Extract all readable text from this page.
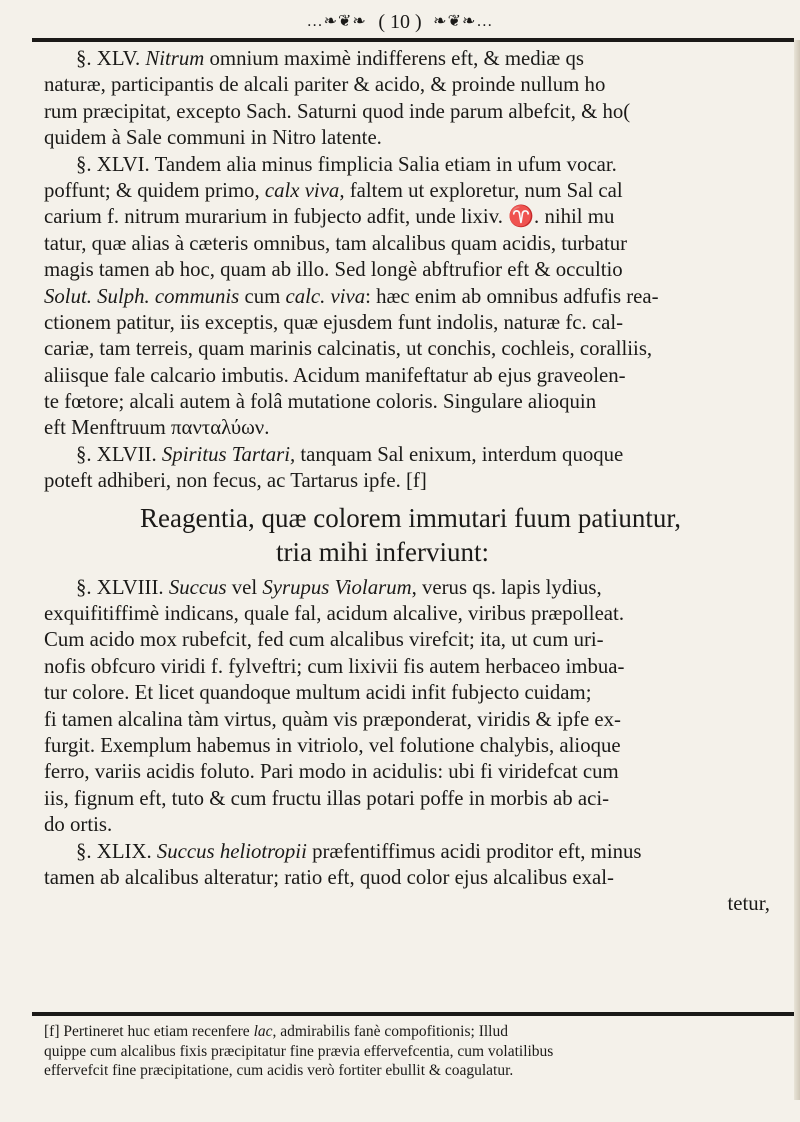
…❧❦❧ ( 10 ) ❧❦❧…
§. XLV. Nitrum omnium maximè indifferens eft, & mediæ qs
naturæ, participantis de alcali pariter & acido, & proinde nullum ho
rum præcipitat, excepto Sach. Saturni quod inde parum albefcit, & ho(
quidem à Sale communi in Nitro latente.
§. XLVI. Tandem alia minus fimplicia Salia etiam in ufum vocar.
poffunt; & quidem primo, calx viva, faltem ut exploretur, num Sal cal
carium f. nitrum murarium in fubjecto adfit, unde lixiv. ♈. nihil mu
tatur, quæ alias à cæteris omnibus, tam alcalibus quam acidis, turbatur
magis tamen ab hoc, quam ab illo. Sed longè abftrufior eft & occultio
Solut. Sulph. communis cum calc. viva: hæc enim ab omnibus adfufis rea-
ctionem patitur, iis exceptis, quæ ejusdem funt indolis, naturæ fc. cal-
cariæ, tam terreis, quam marinis calcinatis, ut conchis, cochleis, coralliis,
aliisque fale calcario imbutis. Acidum manifeftatur ab ejus graveolen-
te fœtore; alcali autem à folâ mutatione coloris. Singulare alioquin
eft Menftruum πανταλύων.
§. XLVII. Spiritus Tartari, tanquam Sal enixum, interdum quoque
poteft adhiberi, non fecus, ac Tartarus ipfe. [f]
Reagentia, quæ colorem immutari fuum patiuntur,
tria mihi inferviunt:
§. XLVIII. Succus vel Syrupus Violarum, verus qs. lapis lydius,
exquifitiffimè indicans, quale fal, acidum alcalive, viribus præpolleat.
Cum acido mox rubefcit, fed cum alcalibus virefcit; ita, ut cum uri-
nofis obfcuro viridi f. fylveftri; cum lixivii fis autem herbaceo imbua-
tur colore. Et licet quandoque multum acidi infit fubjecto cuidam;
fi tamen alcalina tàm virtus, quàm vis præponderat, viridis & ipfe ex-
furgit. Exemplum habemus in vitriolo, vel folutione chalybis, alioque
ferro, variis acidis foluto. Pari modo in acidulis: ubi fi viridefcat cum
iis, fignum eft, tuto & cum fructu illas potari poffe in morbis ab aci-
do ortis.
§. XLIX. Succus heliotropii præfentiffimus acidi proditor eft, minus
tamen ab alcalibus alteratur; ratio eft, quod color ejus alcalibus exal-
tetur,
[f] Pertineret huc etiam recenfere lac, admirabilis fanè compofitionis; Illud
quippe cum alcalibus fixis præcipitatur fine prævia effervefcentia, cum volatilibus
effervefcit fine præcipitatione, cum acidis verò fortiter ebullit & coagulatur.
